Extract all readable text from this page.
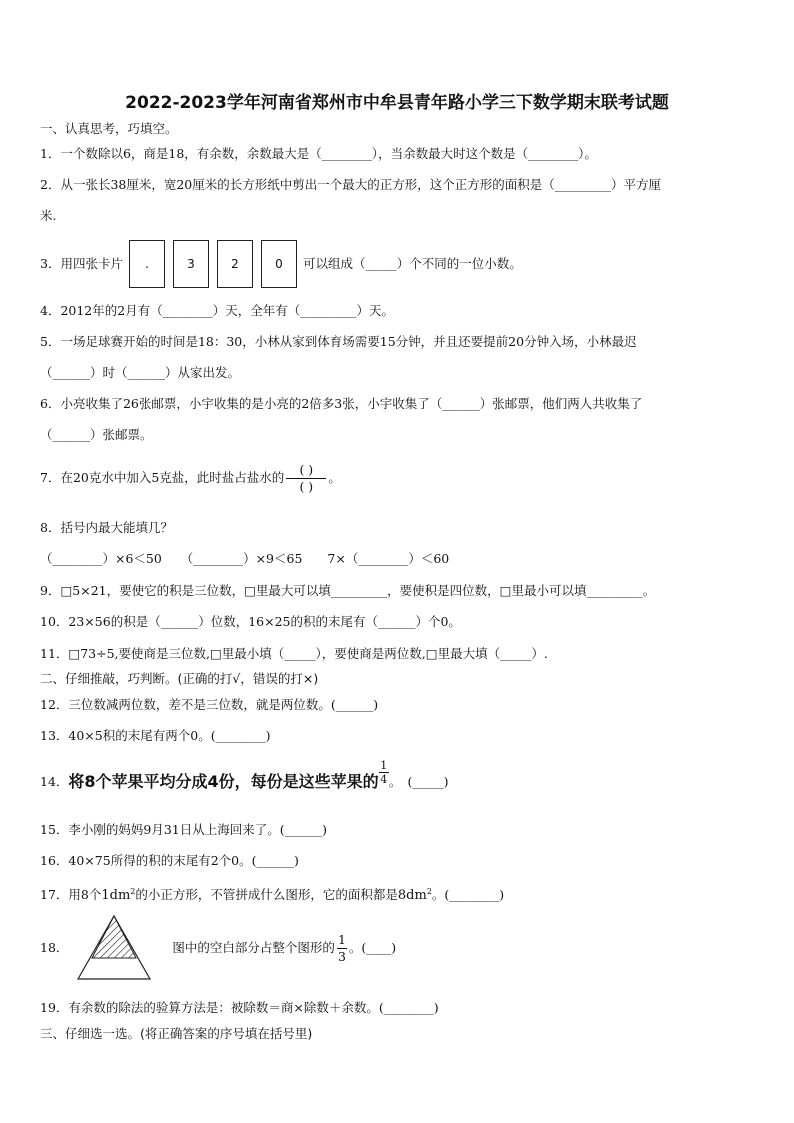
2022-2023学年河南省郑州市中牟县青年路小学三下数学期末联考试题
一、认真思考，巧填空。
1．一个数除以6，商是18，有余数，余数最大是（________），当余数最大时这个数是（________）。
2．从一张长38厘米，宽20厘米的长方形纸中剪出一个最大的正方形，这个正方形的面积是（_________）平方厘
米.
3．用四张卡片	.	3	2	0	可以组成（_____）个不同的一位小数。
4．2012年的2月有（________）天，全年有（_________）天。
5．一场足球赛开始的时间是18：30，小林从家到体育场需要15分钟，并且还要提前20分钟入场，小林最迟
（______）时（______）从家出发。
6．小亮收集了26张邮票，小宇收集的是小亮的2倍多3张，小宇收集了（______）张邮票，他们两人共收集了
（______）张邮票。
7．在20克水中加入5克盐，此时盐占盐水的 $\frac{( )}{( )}$ 。
8．括号内最大能填几？
（________）×6＜50　　（________）×9＜65　　7×（________）＜60
9．□5×21，要使它的积是三位数，□里最大可以填_________，要使积是四位数，□里最小可以填_________。
10．23×56的积是（______）位数，16×25的积的末尾有（______）个0。
11．□73÷5,要使商是三位数,□里最小填（_____），要使商是两位数,□里最大填（_____）.
二、仔细推敲，巧判断。(正确的打√，错误的打×)
12．三位数减两位数，差不是三位数，就是两位数。(______)
13．40×5积的末尾有两个0。(________)
14． 将8个苹果平均分成4份，每份是这些苹果的 $\frac{1}{4}$ 。　(_____)
15．李小刚的妈妈9月31日从上海回来了。(______)
16．40×75所得的积的末尾有2个0。(______)
17．用8个$1dm^2$的小正方形，不管拼成什么图形，它的面积都是$8dm^2$。(________)
18．	图中的空白部分占整个图形的 $\frac{1}{3}$ 。(____)
19．有余数的除法的验算方法是：被除数＝商×除数＋余数。(________)
三、仔细选一选。(将正确答案的序号填在括号里)
